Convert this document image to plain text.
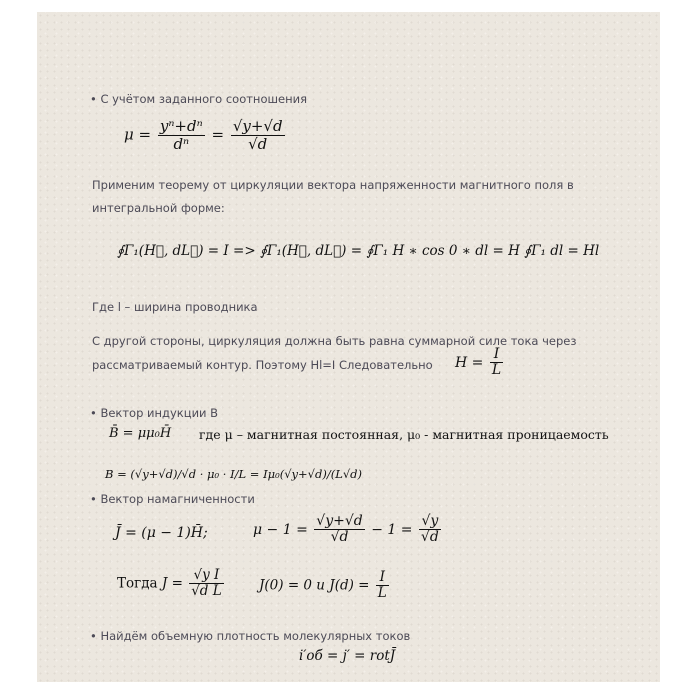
• С учётом заданного соотношения
$\mu = \frac{\text{yⁿ+dⁿ}}{\text{dⁿ}} = \frac{√y+√d}{√d}$
Применим теорему от циркуляции вектора напряженности магнитного поля в
интегральной форме:
∮Γ₁(H⃗, dL⃗) = I => ∮Γ₁(H⃗, dL⃗) = ∮Γ₁ H ∗ cos 0 ∗ dl = H ∮Γ₁ dl = Hl
Где l – ширина проводника
С другой стороны, циркуляция должна быть равна суммарной силе тока через
рассматриваемый контур. Поэтому Hl=I Следовательно $H = \frac{I}{L}$
• Вектор индукции B
B̄ = μμ₀H̄ где μ – магнитная постоянная, μ₀ - магнитная проницаемость
B = (√y+√d)/√d · μ₀ · I/L = Iμ₀(√y+√d)/(L√d)
• Вектор намагниченности
J̄ = (μ − 1)H̄;	$\mu - 1 = \frac{√y+√d}{√d} - 1 = \frac{√y}{√d}$
Тогда $J = \frac{\text{√y I}}{\text{√d L}}$	J(0) = 0 и $J(d) = \frac{I}{L}$
• Найдём объемную плотность молекулярных токов
i′об = j′ = rotJ̄
